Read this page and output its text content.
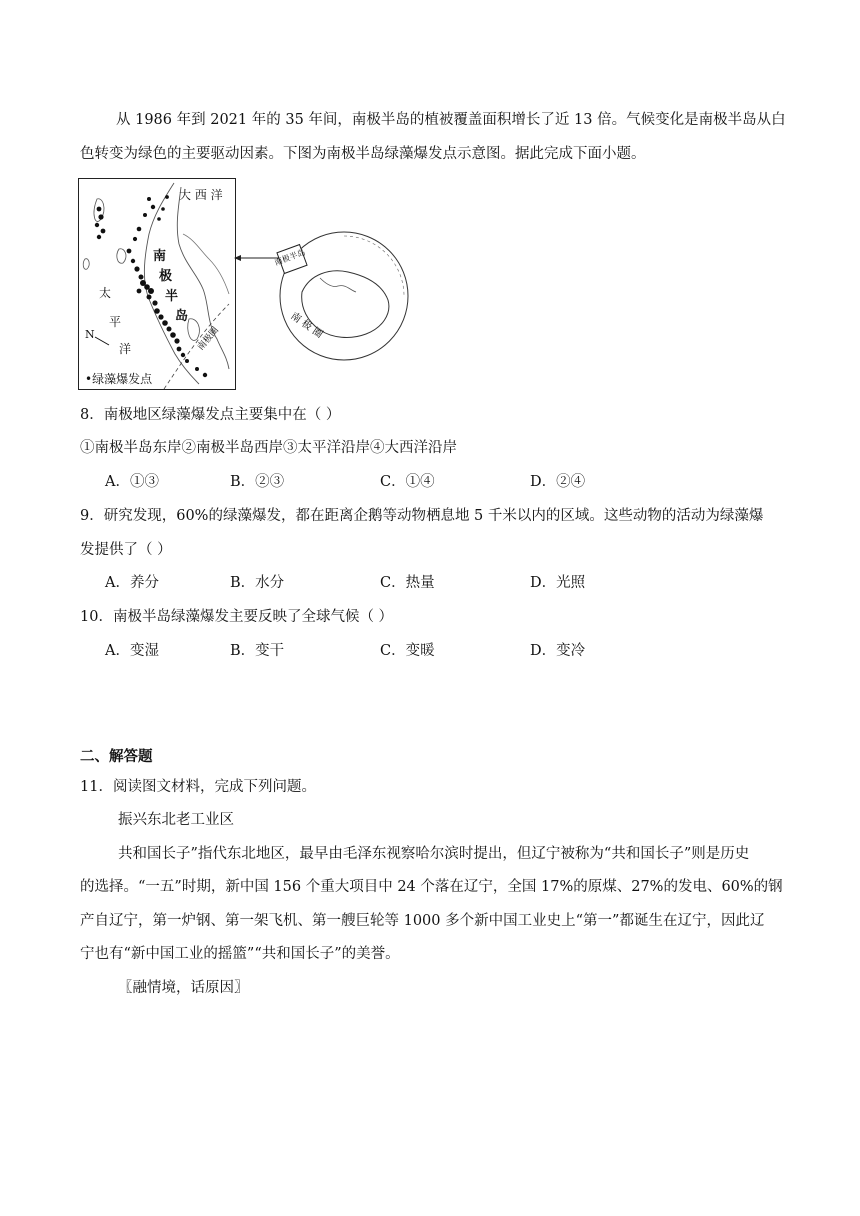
从 1986 年到 2021 年的 35 年间，南极半岛的植被覆盖面积增长了近 13 倍。气候变化是南极半岛从白
色转变为绿色的主要驱动因素。下图为南极半岛绿藻爆发点示意图。据此完成下面小题。
大 西 洋
太
平
洋
南
极
半
岛
南极圈
N
•绿藻爆发点
南极半岛
南 极 圈
8．南极地区绿藻爆发点主要集中在（ ）
①南极半岛东岸②南极半岛西岸③太平洋沿岸④大西洋沿岸
A．①③	B．②③	C．①④	D．②④
9．研究发现，60%的绿藻爆发，都在距离企鹅等动物栖息地 5 千米以内的区域。这些动物的活动为绿藻爆
发提供了（ ）
A．养分	B．水分	C．热量	D．光照
10．南极半岛绿藻爆发主要反映了全球气候（ ）
A．变湿	B．变干	C．变暖	D．变冷
二、解答题
11．阅读图文材料，完成下列问题。
振兴东北老工业区
共和国长子”指代东北地区，最早由毛泽东视察哈尔滨时提出，但辽宁被称为“共和国长子”则是历史
的选择。“一五”时期，新中国 156 个重大项目中 24 个落在辽宁，全国 17%的原煤、27%的发电、60%的钢
产自辽宁，第一炉钢、第一架飞机、第一艘巨轮等 1000 多个新中国工业史上“第一”都诞生在辽宁，因此辽
宁也有“新中国工业的摇篮”“共和国长子”的美誉。
〖融情境，话原因〗
